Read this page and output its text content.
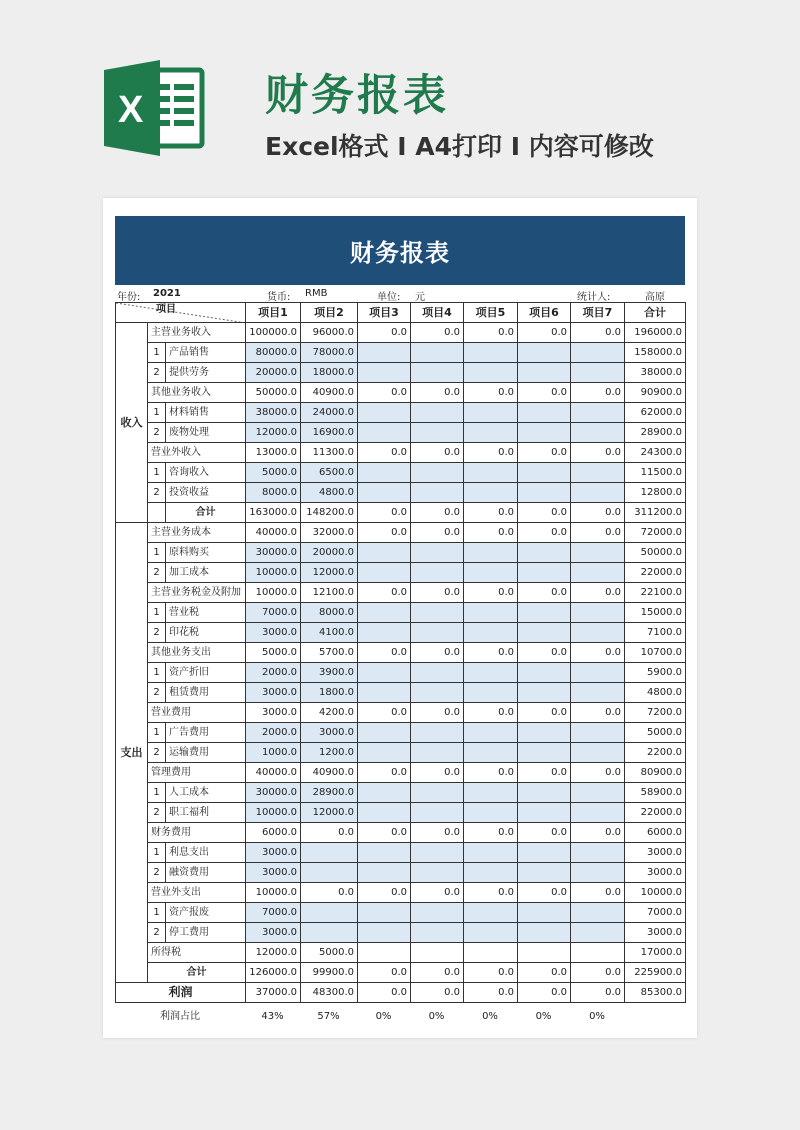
X	财务报表
Excel格式 I A4打印 I 内容可修改
财务报表
年份: 2021	货币: RMB	单位: 元	统计人:	高原
项目			项目1	项目2	项目3	项目4	项目5	项目6	项目7	合计
收入	主营业务收入		100000.0	96000.0	0.0	0.0	0.0	0.0	0.0	196000.0
	1	产品销售	80000.0	78000.0						158000.0
	2	提供劳务	20000.0	18000.0						38000.0
	其他业务收入		50000.0	40900.0	0.0	0.0	0.0	0.0	0.0	90900.0
	1	材料销售	38000.0	24000.0						62000.0
	2	废物处理	12000.0	16900.0						28900.0
	营业外收入		13000.0	11300.0	0.0	0.0	0.0	0.0	0.0	24300.0
	1	咨询收入	5000.0	6500.0						11500.0
	2	投资收益	8000.0	4800.0						12800.0
		合计	163000.0	148200.0	0.0	0.0	0.0	0.0	0.0	311200.0
支出	主营业务成本		40000.0	32000.0	0.0	0.0	0.0	0.0	0.0	72000.0
	1	原料购买	30000.0	20000.0						50000.0
	2	加工成本	10000.0	12000.0						22000.0
	主营业务税金及附加		10000.0	12100.0	0.0	0.0	0.0	0.0	0.0	22100.0
	1	营业税	7000.0	8000.0						15000.0
	2	印花税	3000.0	4100.0						7100.0
	其他业务支出		5000.0	5700.0	0.0	0.0	0.0	0.0	0.0	10700.0
	1	资产折旧	2000.0	3900.0						5900.0
	2	租赁费用	3000.0	1800.0						4800.0
	营业费用		3000.0	4200.0	0.0	0.0	0.0	0.0	0.0	7200.0
	1	广告费用	2000.0	3000.0						5000.0
	2	运输费用	1000.0	1200.0						2200.0
	管理费用		40000.0	40900.0	0.0	0.0	0.0	0.0	0.0	80900.0
	1	人工成本	30000.0	28900.0						58900.0
	2	职工福利	10000.0	12000.0						22000.0
	财务费用		6000.0	0.0	0.0	0.0	0.0	0.0	0.0	6000.0
	1	利息支出	3000.0							3000.0
	2	融资费用	3000.0							3000.0
	营业外支出		10000.0	0.0	0.0	0.0	0.0	0.0	0.0	10000.0
	1	资产报废	7000.0							7000.0
	2	停工费用	3000.0							3000.0
	所得税		12000.0	5000.0						17000.0
	合计		126000.0	99900.0	0.0	0.0	0.0	0.0	0.0	225900.0
利润			37000.0	48300.0	0.0	0.0	0.0	0.0	0.0	85300.0
利润占比	43%	57%	0%	0%	0%	0%	0%
